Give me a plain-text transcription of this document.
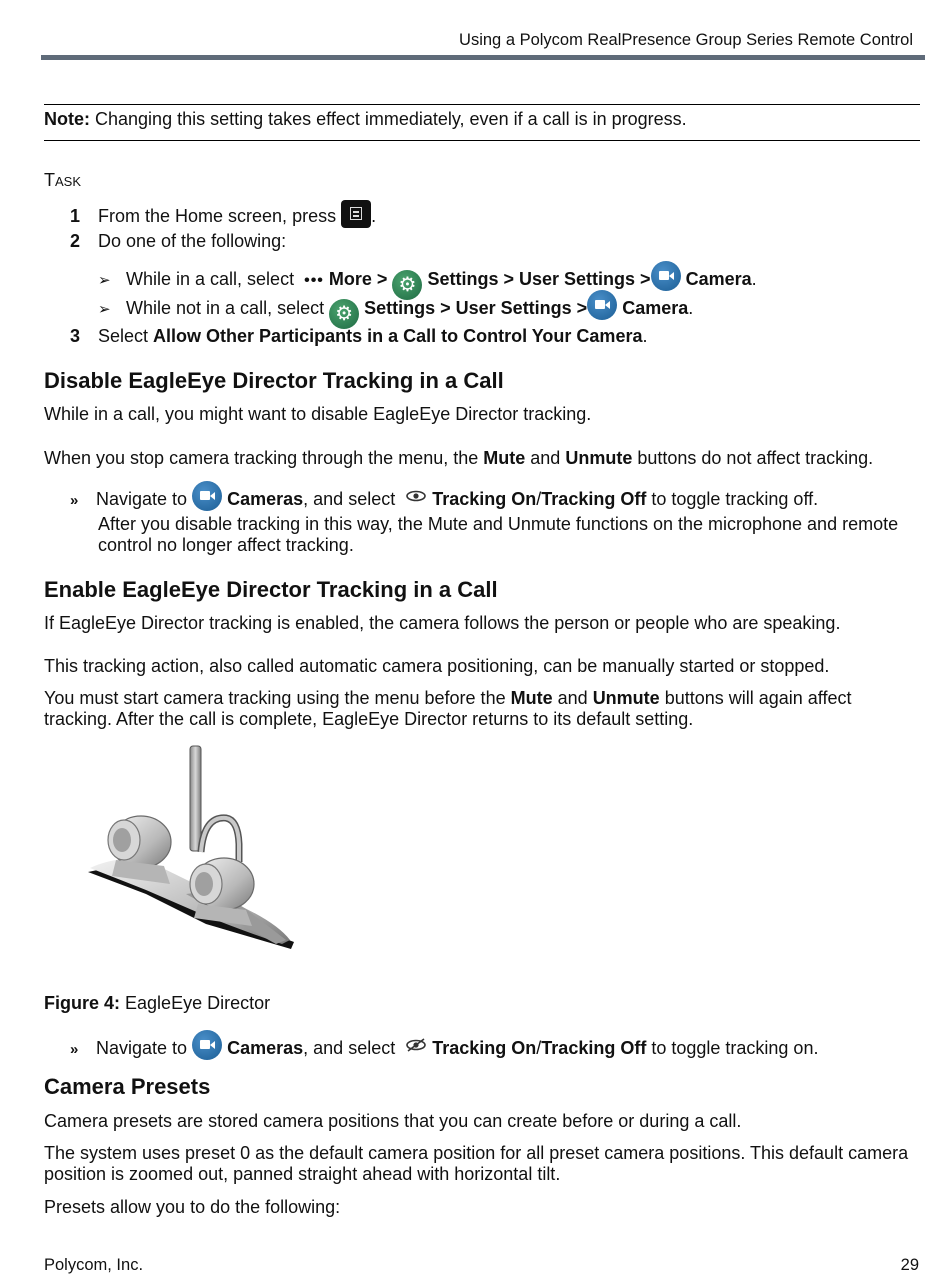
Using a Polycom RealPresence Group Series Remote Control
Note: Changing this setting takes effect immediately, even if a call is in progress.
TASK
1 From the Home screen, press .
2 Do one of the following:
➢ While in a call, select ••• More > ⚙ Settings > User Settings > Camera.
➢ While not in a call, select ⚙ Settings > User Settings > Camera.
3 Select Allow Other Participants in a Call to Control Your Camera.
Disable EagleEye Director Tracking in a Call
While in a call, you might want to disable EagleEye Director tracking.
When you stop camera tracking through the menu, the Mute and Unmute buttons do not affect tracking.
» Navigate to Cameras, and select Tracking On/Tracking Off to toggle tracking off.
After you disable tracking in this way, the Mute and Unmute functions on the microphone and remote control no longer affect tracking.
Enable EagleEye Director Tracking in a Call
If EagleEye Director tracking is enabled, the camera follows the person or people who are speaking.
This tracking action, also called automatic camera positioning, can be manually started or stopped.
You must start camera tracking using the menu before the Mute and Unmute buttons will again affect tracking. After the call is complete, EagleEye Director returns to its default setting.
Figure 4: EagleEye Director
» Navigate to Cameras, and select Tracking On/Tracking Off to toggle tracking on.
Camera Presets
Camera presets are stored camera positions that you can create before or during a call.
The system uses preset 0 as the default camera position for all preset camera positions. This default camera position is zoomed out, panned straight ahead with horizontal tilt.
Presets allow you to do the following:
Polycom, Inc.	29
